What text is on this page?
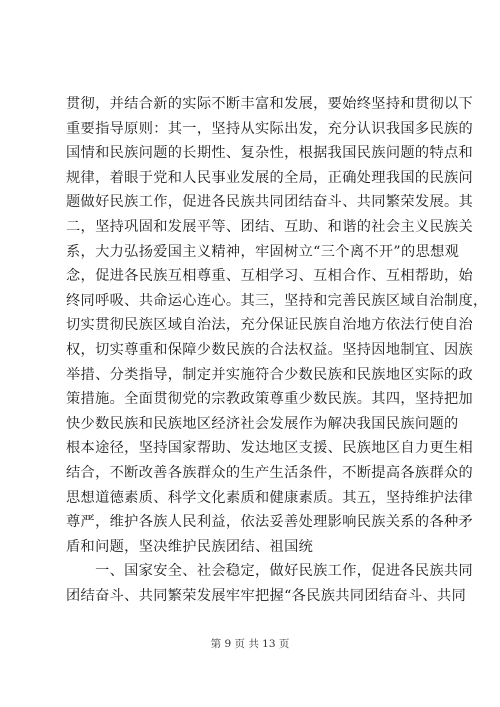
贯彻，并结合新的实际不断丰富和发展，要始终坚持和贯彻以下
重要指导原则：其一，坚持从实际出发，充分认识我国多民族的
国情和民族问题的长期性、复杂性，根据我国民族问题的特点和
规律，着眼于党和人民事业发展的全局，正确处理我国的民族问
题做好民族工作，促进各民族共同团结奋斗、共同繁荣发展。其
二，坚持巩固和发展平等、团结、互助、和谐的社会主义民族关
系，大力弘扬爱国主义精神，牢固树立“三个离不开”的思想观
念，促进各民族互相尊重、互相学习、互相合作、互相帮助，始
终同呼吸、共命运心连心。其三，坚持和完善民族区域自治制度，
切实贯彻民族区域自治法，充分保证民族自治地方依法行使自治
权，切实尊重和保障少数民族的合法权益。坚持因地制宜、因族
举措、分类指导，制定并实施符合少数民族和民族地区实际的政
策措施。全面贯彻党的宗教政策尊重少数民族。其四，坚持把加
快少数民族和民族地区经济社会发展作为解决我国民族问题的
根本途径，坚持国家帮助、发达地区支援、民族地区自力更生相
结合，不断改善各族群众的生产生活条件，不断提高各族群众的
思想道德素质、科学文化素质和健康素质。其五，坚持维护法律
尊严，维护各族人民利益，依法妥善处理影响民族关系的各种矛
盾和问题，坚决维护民族团结、祖国统
　　一、国家安全、社会稳定，做好民族工作，促进各民族共同
团结奋斗、共同繁荣发展牢牢把握“各民族共同团结奋斗、共同
第 9 页 共 13 页
